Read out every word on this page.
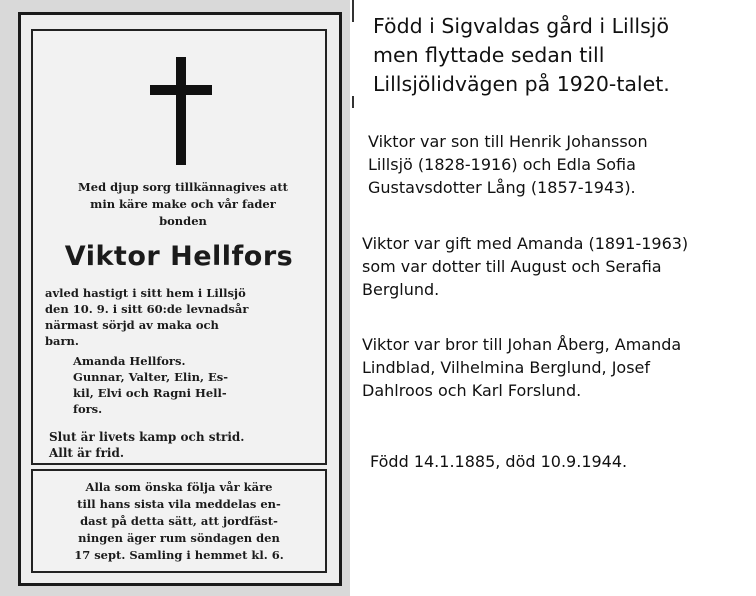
Med djup sorg tillkännagives att
min käre make och vår fader
bonden

Viktor Hellfors

avled hastigt i sitt hem i Lillsjö
den 10. 9. i sitt 60:de levnadsår
närmast sörjd av maka och
barn.

Amanda Hellfors.
Gunnar, Valter, Elin, Es-
kil, Elvi och Ragni Hell-
fors.

Slut är livets kamp och strid.
Allt är frid.

Alla som önska följa vår käre
till hans sista vila meddelas en-
dast på detta sätt, att jordfäst-
ningen äger rum söndagen den
17 sept. Samling i hemmet kl. 6.

Född i Sigvaldas gård i Lillsjö
men flyttade sedan till
Lillsjölidvägen på 1920-talet.

Viktor var son till Henrik Johansson
Lillsjö (1828-1916) och Edla Sofia
Gustavsdotter Lång (1857-1943).

Viktor var gift med Amanda (1891-1963)
som var dotter till August och Serafia
Berglund.

Viktor var bror till Johan Åberg, Amanda
Lindblad, Vilhelmina Berglund, Josef
Dahlroos och Karl Forslund.

Född 14.1.1885, död 10.9.1944.
